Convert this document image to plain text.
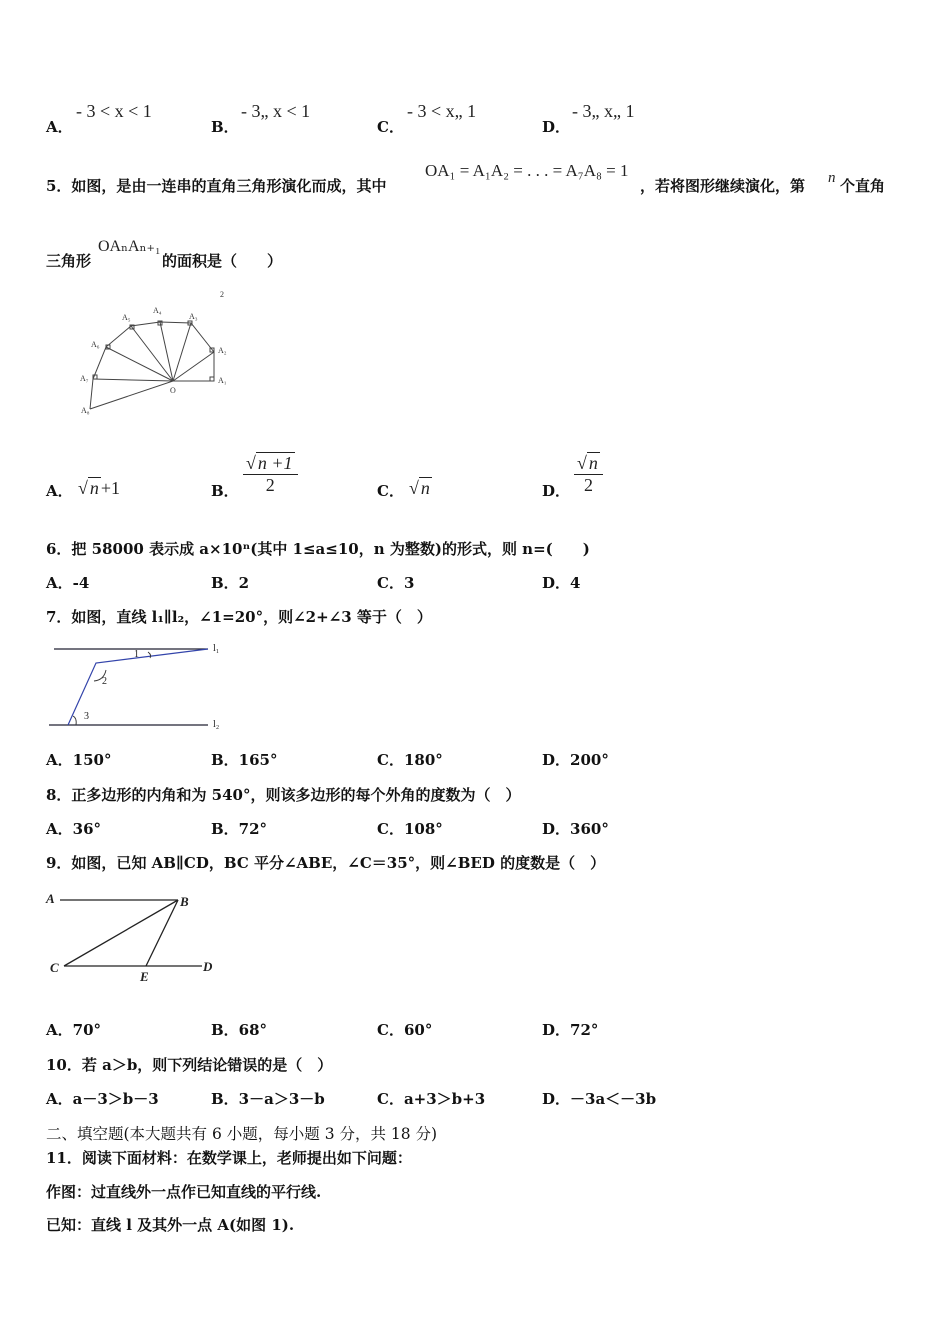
A．
- 3 < x < 1
B．
- 3„ x < 1
C．
- 3 < x„ 1
D．
- 3„ x„ 1
5．如图，是由一连串的直角三角形演化而成，其中
OA₁ = A₁A₂ = . . . = A₇A₈ = 1
，若将图形继续演化，第 n 个直角
三角形
OAₙAₙ₊₁
的面积是（　　）
A₁
A₂
A₃
A₄
A₅
A₆
A₇
A₈
O
2
A． √ n +1	B． $\frac{√ n +1}{2}$	C． √ n	D． $\frac{√ n}{2}$
6．把 58000 表示成 a×10ⁿ(其中 1≤a≤10，n 为整数)的形式，则 n=(　　)
A．-4	B．2	C．3	D．4
7．如图，直线 l₁∥l₂，∠1=20°，则∠2+∠3 等于（　）
l₁
l₂
1
2
3
A．150°	B．165°	C．180°	D．200°
8．正多边形的内角和为 540°，则该多边形的每个外角的度数为（　）
A．36°	B．72°	C．108°	D．360°
9．如图，已知 AB∥CD，BC 平分∠ABE，∠C＝35°，则∠BED 的度数是（　）
A	B
C
E
D
A．70°	B．68°	C．60°	D．72°
10．若 a＞b，则下列结论错误的是（　）
A．a－3＞b－3	B．3－a＞3－b	C．a+3＞b+3	D．－3a＜－3b
二、填空题(本大题共有 6 小题，每小题 3 分，共 18 分)
11．阅读下面材料：在数学课上，老师提出如下问题：
作图：过直线外一点作已知直线的平行线.
已知：直线 l 及其外一点 A(如图 1).
